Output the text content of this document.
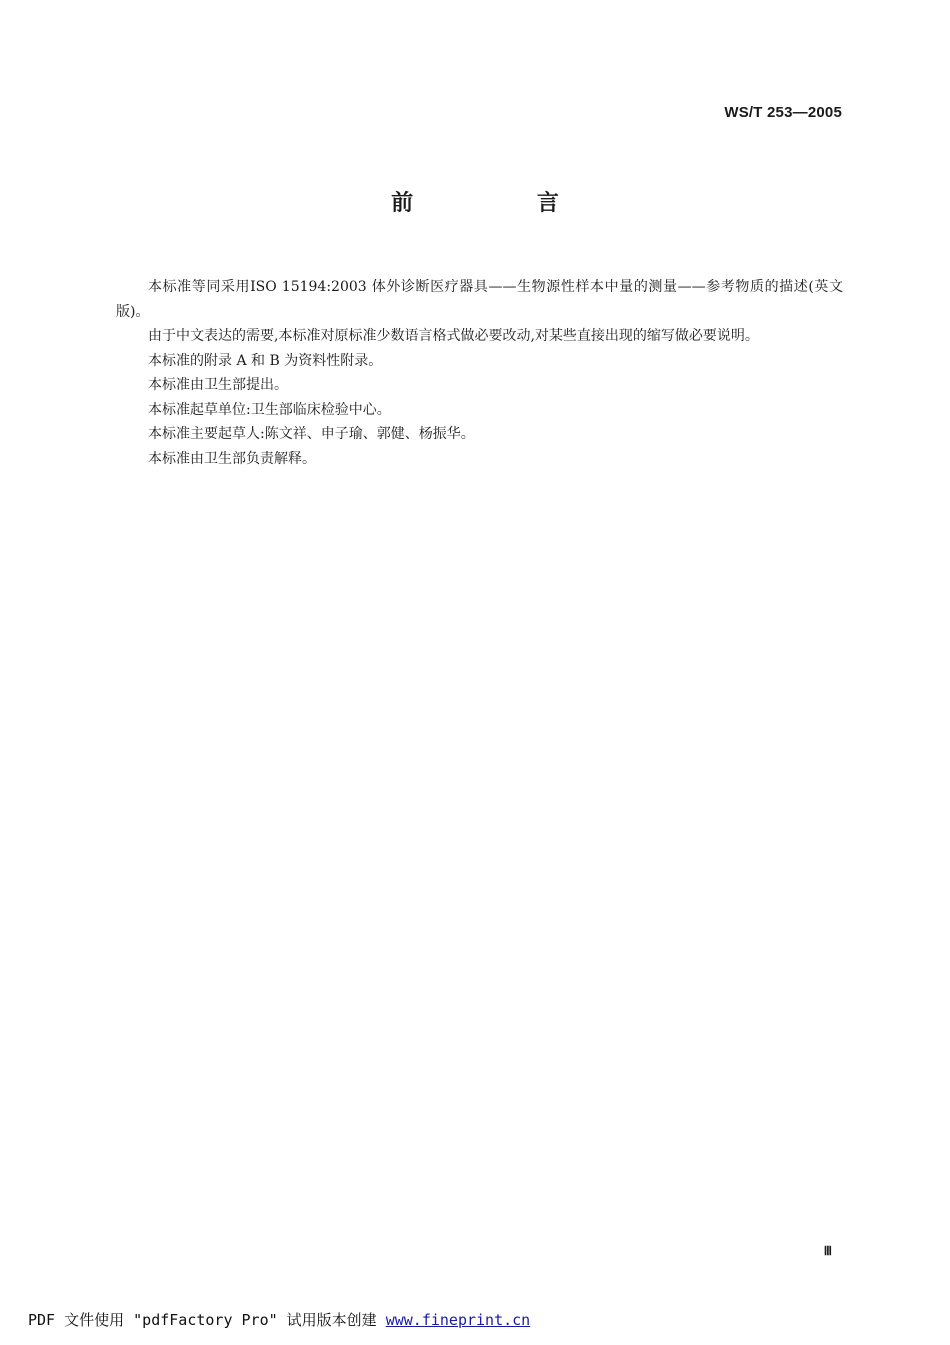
WS/T 253—2005
前 言

本标准等同采用ISO 15194:2003 体外诊断医疗器具——生物源性样本中量的测量——参考物质的描述(英文版)。

由于中文表达的需要,本标准对原标准少数语言格式做必要改动,对某些直接出现的缩写做必要说明。

本标准的附录 A 和 B 为资料性附录。

本标准由卫生部提出。

本标准起草单位:卫生部临床检验中心。

本标准主要起草人:陈文祥、申子瑜、郭健、杨振华。

本标准由卫生部负责解释。

Ⅲ
PDF 文件使用 "pdfFactory Pro" 试用版本创建 www.fineprint.cn
